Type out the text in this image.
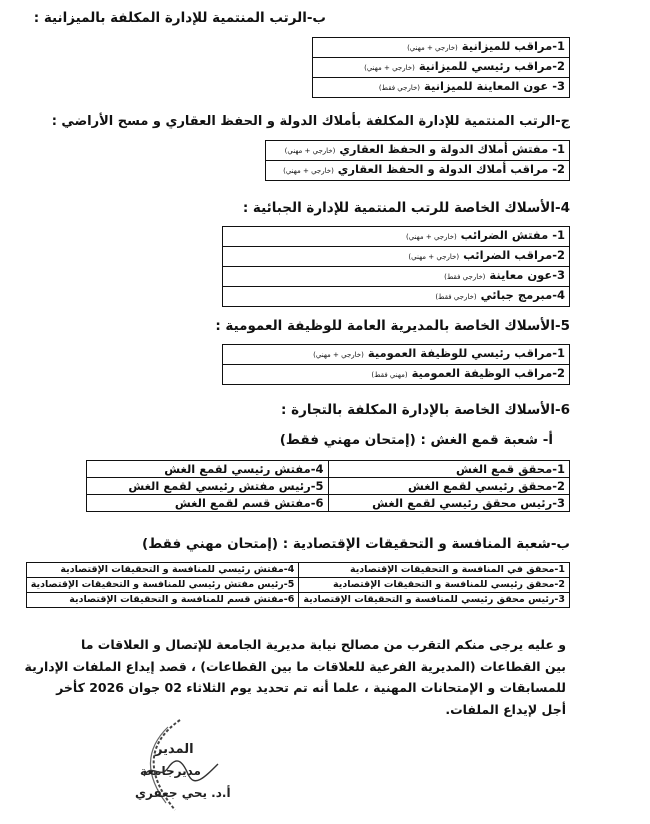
ب-الرتب المنتمية للإدارة المكلفة بالميزانية :
1-مراقب للميزانية(خارجي + مهني)
2-مراقب رئيسي للميزانية(خارجي + مهني)
3- عون المعاينة للميزانية(خارجي فقط)
ج-الرتب المنتمية للإدارة المكلفة بأملاك الدولة و الحفظ العقاري و مسح الأراضي :
1- مفتش أملاك الدولة و الحفظ العقاري(خارجي + مهني)
2- مراقب أملاك الدولة و الحفظ العقاري(خارجي + مهني)
4-الأسلاك الخاصة للرتب المنتمية للإدارة الجبائية :
1- مفتش الضرائب(خارجي + مهني)
2-مراقب الضرائب(خارجي + مهني)
3-عون معاينة(خارجي فقط)
4-مبرمج جبائي(خارجي فقط)
5-الأسلاك الخاصة بالمديرية العامة للوظيفة العمومية :
1-مراقب رئيسي للوظيفة العمومية(خارجي + مهني)
2-مراقب الوظيفة العمومية(مهني فقط)
6-الأسلاك الخاصة بالإدارة المكلفة بالتجارة :
أ- شعبة قمع الغش : (إمتحان مهني فقط)
1-محقق قمع الغش	4-مفتش رئيسي لقمع الغش
2-محقق رئيسي لقمع الغش	5-رئيس مفتش رئيسي لقمع الغش
3-رئيس محقق رئيسي لقمع الغش	6-مفتش قسم لقمع الغش
ب-شعبة المنافسة و التحقيقات الإقتصادية : (إمتحان مهني فقط)
1-محقق في المنافسة و التحقيقات الإقتصادية	4-مفتش رئيسي للمنافسة و التحقيقات الإقتصادية
2-محقق رئيسي للمنافسة و التحقيقات الإقتصادية	5-رئيس مفتش رئيسي للمنافسة و التحقيقات الإقتصادية
3-رئيس محقق رئيسي للمنافسة و التحقيقات الإقتصادية	6-مفتش قسم للمنافسة و التحقيقات الإقتصادية
و عليه يرجى منكم التقرب من مصالح نيابة مديرية الجامعة للإتصال و العلاقات ما
بين القطاعات (المديرية الفرعية للعلاقات ما بين القطاعات) ، قصد إيداع الملفات الإدارية
للمسابقات و الإمتحانات المهنية ، علما أنه تم تحديد يوم الثلاثاء 02 جوان 2026 كأخر
أجل لإيداع الملفات.
المدير
مديرجامعة
أ.د. يحي جعفري
